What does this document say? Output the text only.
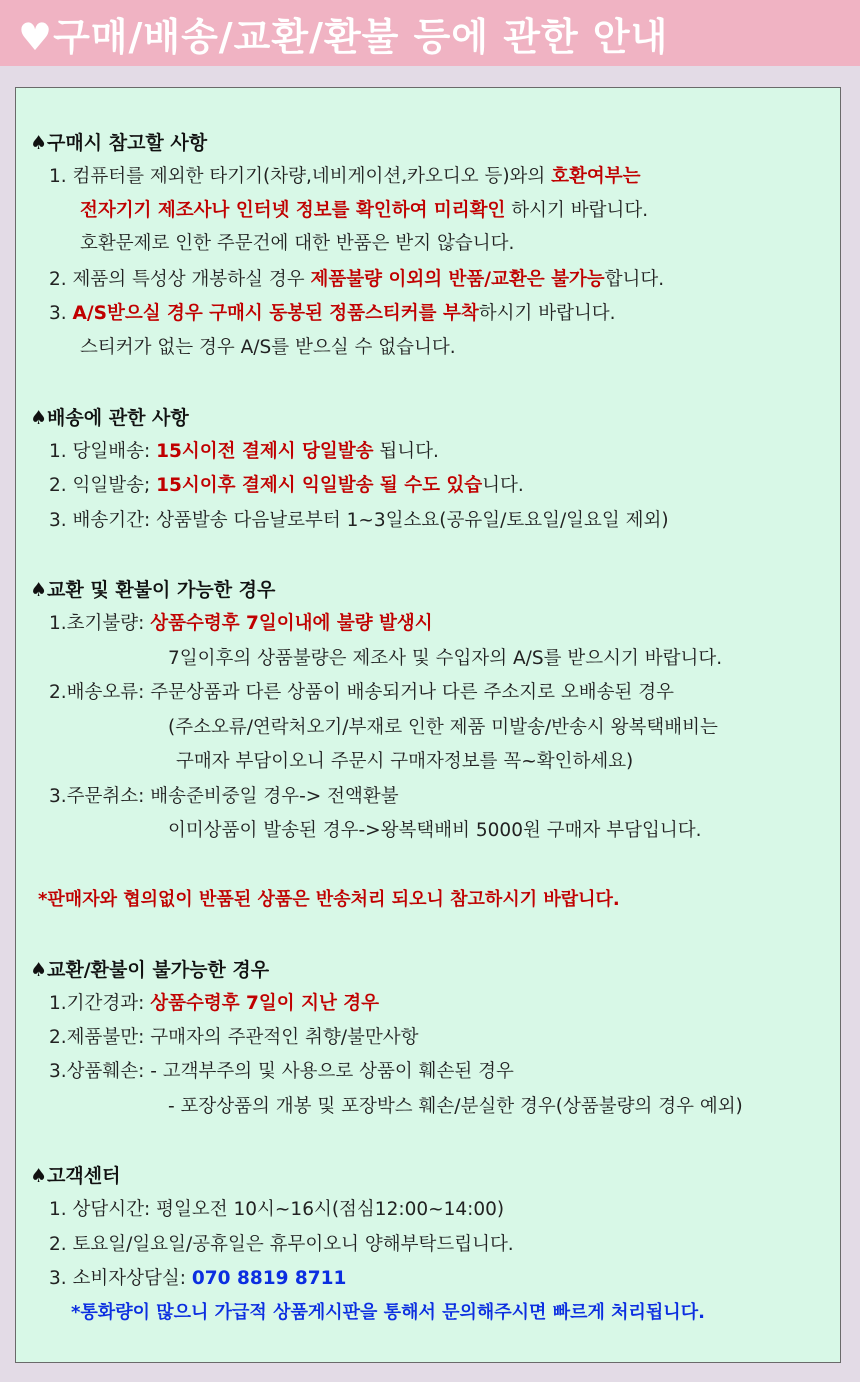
♥구매/배송/교환/환불 등에 관한 안내
♠구매시 참고할 사항
1. 컴퓨터를 제외한 타기기(차량,네비게이션,카오디오 등)와의 호환여부는
전자기기 제조사나 인터넷 정보를 확인하여 미리확인 하시기 바랍니다.
호환문제로 인한 주문건에 대한 반품은 받지 않습니다.
2. 제품의 특성상 개봉하실 경우 제품불량 이외의 반품/교환은 불가능합니다.
3. A/S받으실 경우 구매시 동봉된 정품스티커를 부착하시기 바랍니다.
스티커가 없는 경우 A/S를 받으실 수 없습니다.
♠배송에 관한 사항
1. 당일배송: 15시이전 결제시 당일발송 됩니다.
2. 익일발송; 15시이후 결제시 익일발송 될 수도 있습니다.
3. 배송기간: 상품발송 다음날로부터 1~3일소요(공유일/토요일/일요일 제외)
♠교환 및 환불이 가능한 경우
1.초기불량: 상품수령후 7일이내에 불량 발생시
7일이후의 상품불량은 제조사 및 수입자의 A/S를 받으시기 바랍니다.
2.배송오류: 주문상품과 다른 상품이 배송되거나 다른 주소지로 오배송된 경우
(주소오류/연락처오기/부재로 인한 제품 미발송/반송시 왕복택배비는
구매자 부담이오니 주문시 구매자정보를 꼭~확인하세요)
3.주문취소: 배송준비중일 경우-> 전액환불
이미상품이 발송된 경우->왕복택배비 5000원 구매자 부담입니다.
*판매자와 협의없이 반품된 상품은 반송처리 되오니 참고하시기 바랍니다.
♠교환/환불이 불가능한 경우
1.기간경과: 상품수령후 7일이 지난 경우
2.제품불만: 구매자의 주관적인 취향/불만사항
3.상품훼손: - 고객부주의 및 사용으로 상품이 훼손된 경우
- 포장상품의 개봉 및 포장박스 훼손/분실한 경우(상품불량의 경우 예외)
♠고객센터
1. 상담시간: 평일오전 10시~16시(점심12:00~14:00)
2. 토요일/일요일/공휴일은 휴무이오니 양해부탁드립니다.
3. 소비자상담실: 070 8819 8711
*통화량이 많으니 가급적 상품게시판을 통해서 문의해주시면 빠르게 처리됩니다.
